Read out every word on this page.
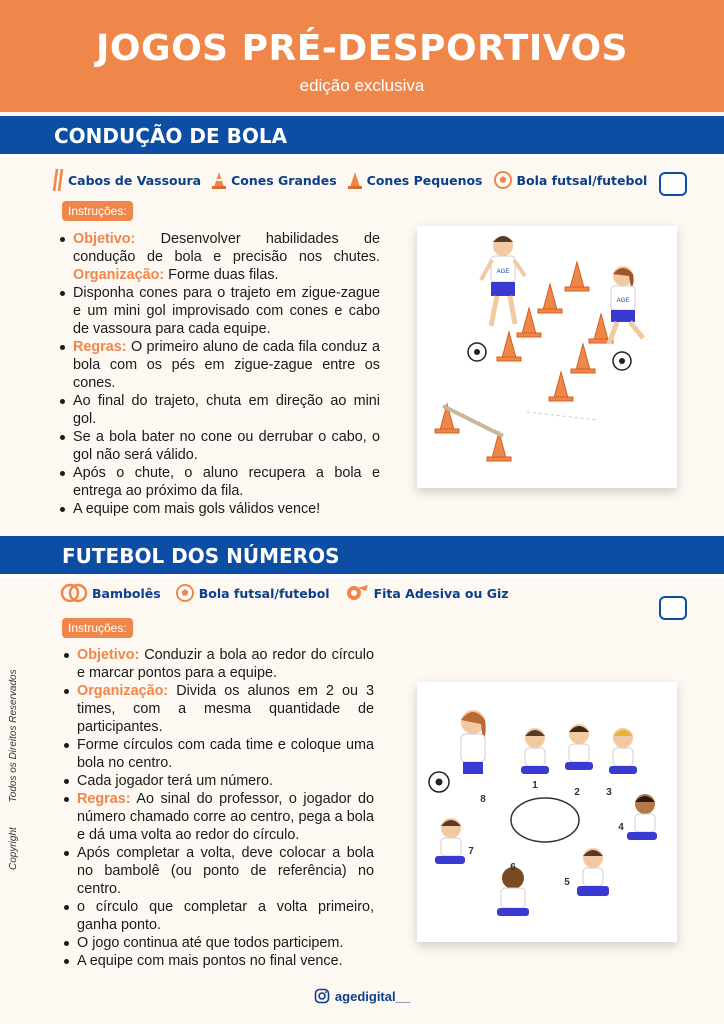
JOGOS PRÉ-DESPORTIVOS
edição exclusiva
CONDUÇÃO DE BOLA
Cabos de Vassoura Cones Grandes Cones Pequenos	Bola futsal/futebol
Instruções:
Objetivo: Desenvolver habilidades de condução de bola e precisão nos chutes. Organização: Forme duas filas.
Disponha cones para o trajeto em zigue-zague e um mini gol improvisado com cones e cabo de vassoura para cada equipe.
Regras: O primeiro aluno de cada fila conduz a bola com os pés em zigue-zague entre os cones.
Ao final do trajeto, chuta em direção ao mini gol.
Se a bola bater no cone ou derrubar o cabo, o gol não será válido.
Após o chute, o aluno recupera a bola e entrega ao próximo da fila.
A equipe com mais gols válidos vence!
AGE
AGE
FUTEBOL DOS NÚMEROS
Bambolês	Bola futsal/futebol	Fita Adesiva ou Giz
Instruções:
Objetivo: Conduzir a bola ao redor do círculo e marcar pontos para a equipe.
Organização: Divida os alunos em 2 ou 3 times, com a mesma quantidade de participantes.
Forme círculos com cada time e coloque uma bola no centro.
Cada jogador terá um número.
Regras: Ao sinal do professor, o jogador do número chamado corre ao centro, pega a bola e dá uma volta ao redor do círculo.
Após completar a volta, deve colocar a bola no bambolê (ou ponto de referência) no centro.
o círculo que completar a volta primeiro, ganha ponto.
O jogo continua até que todos participem.
A equipe com mais pontos no final vence.
1
2	3
4
5
6
7
8
Copyright Todos os Direitos Reservados
agedigital__
